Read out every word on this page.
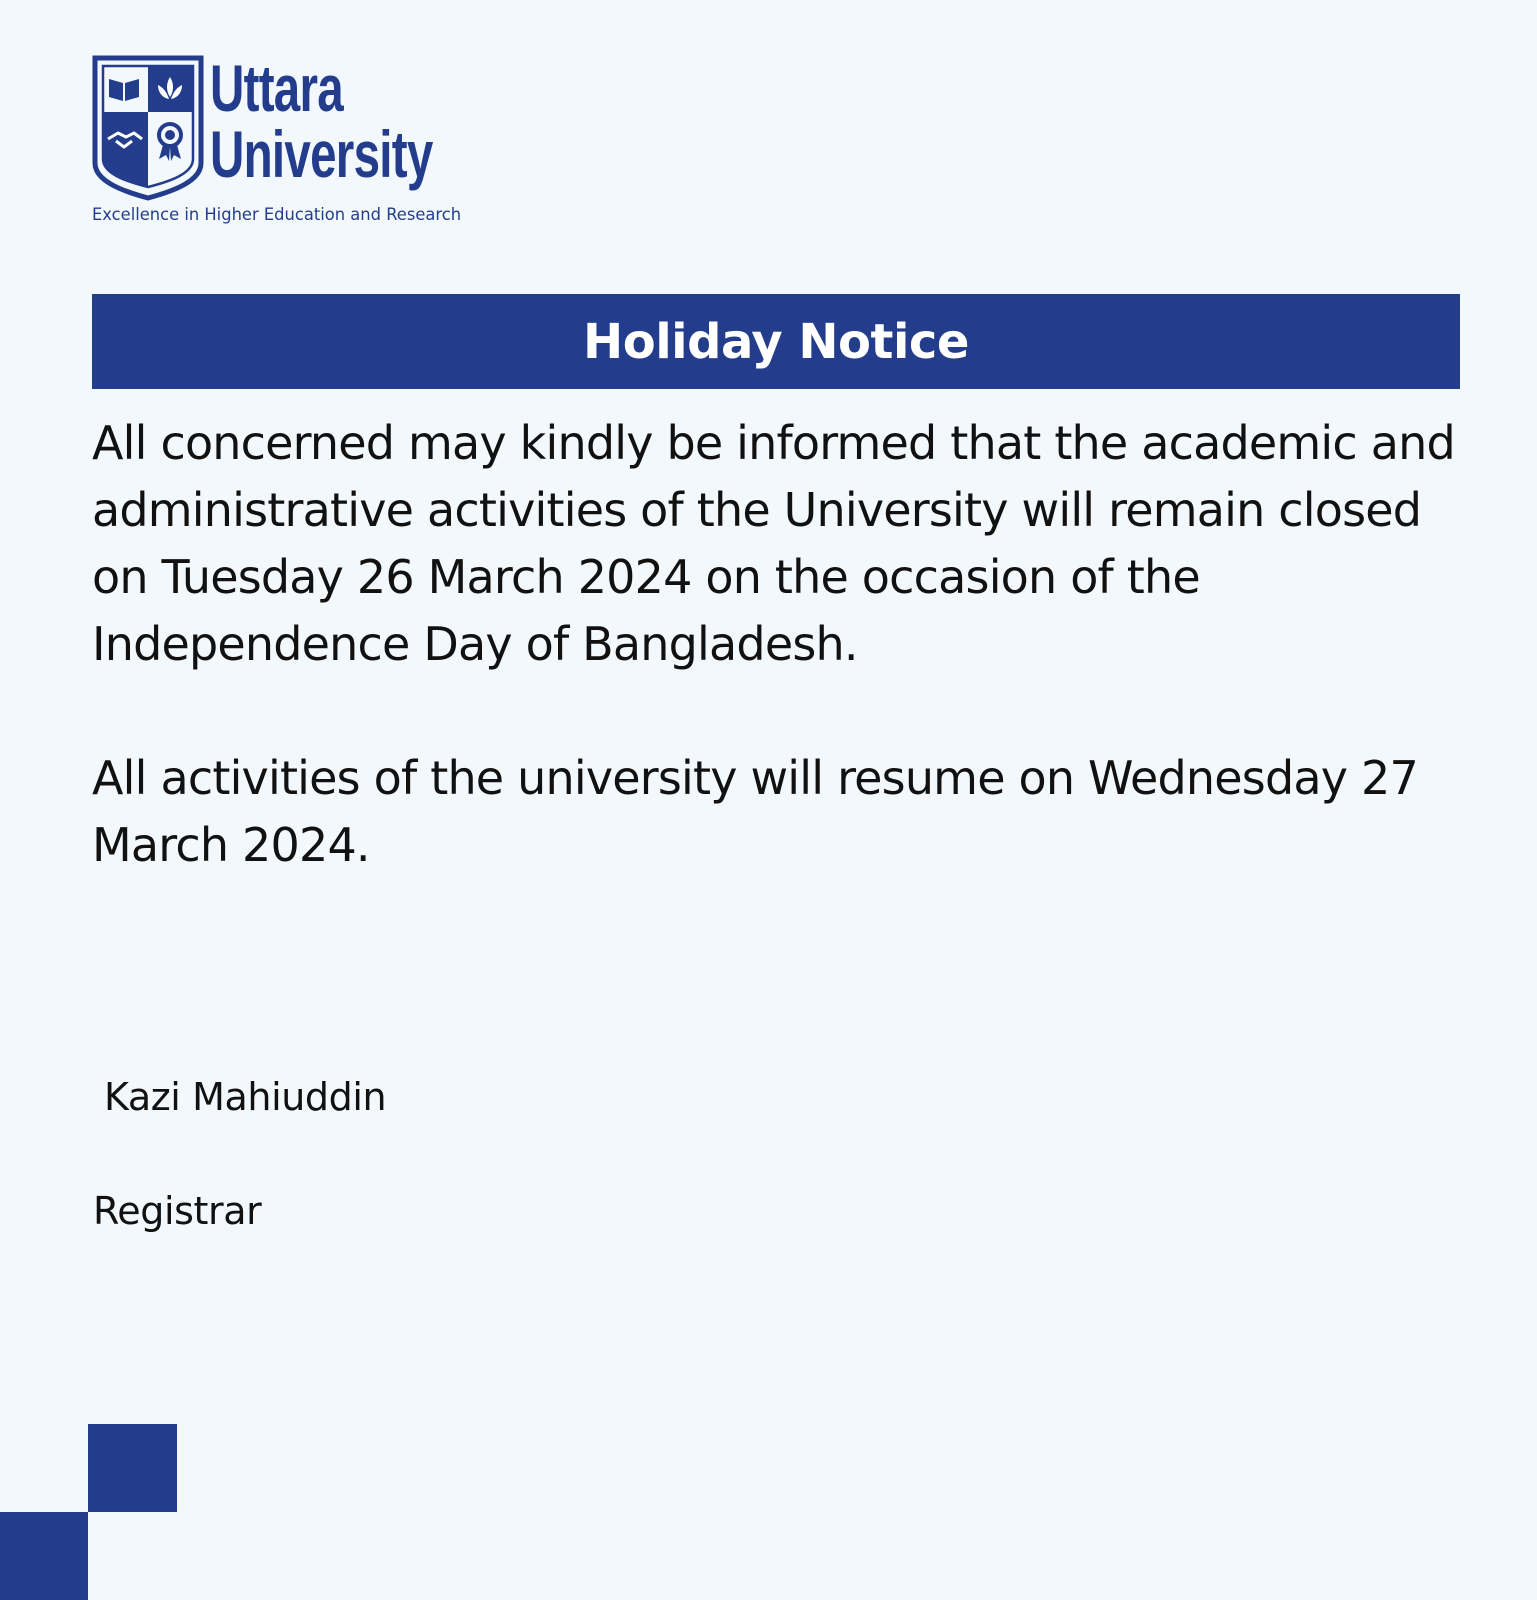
Uttara
University
Excellence in Higher Education and Research
Holiday Notice

All concerned may kindly be informed that the academic and administrative activities of the University will remain closed on Tuesday 26 March 2024 on the occasion of the Independence Day of Bangladesh.

All activities of the university will resume on Wednesday 27 March 2024.

Kazi Mahiuddin
Registrar
